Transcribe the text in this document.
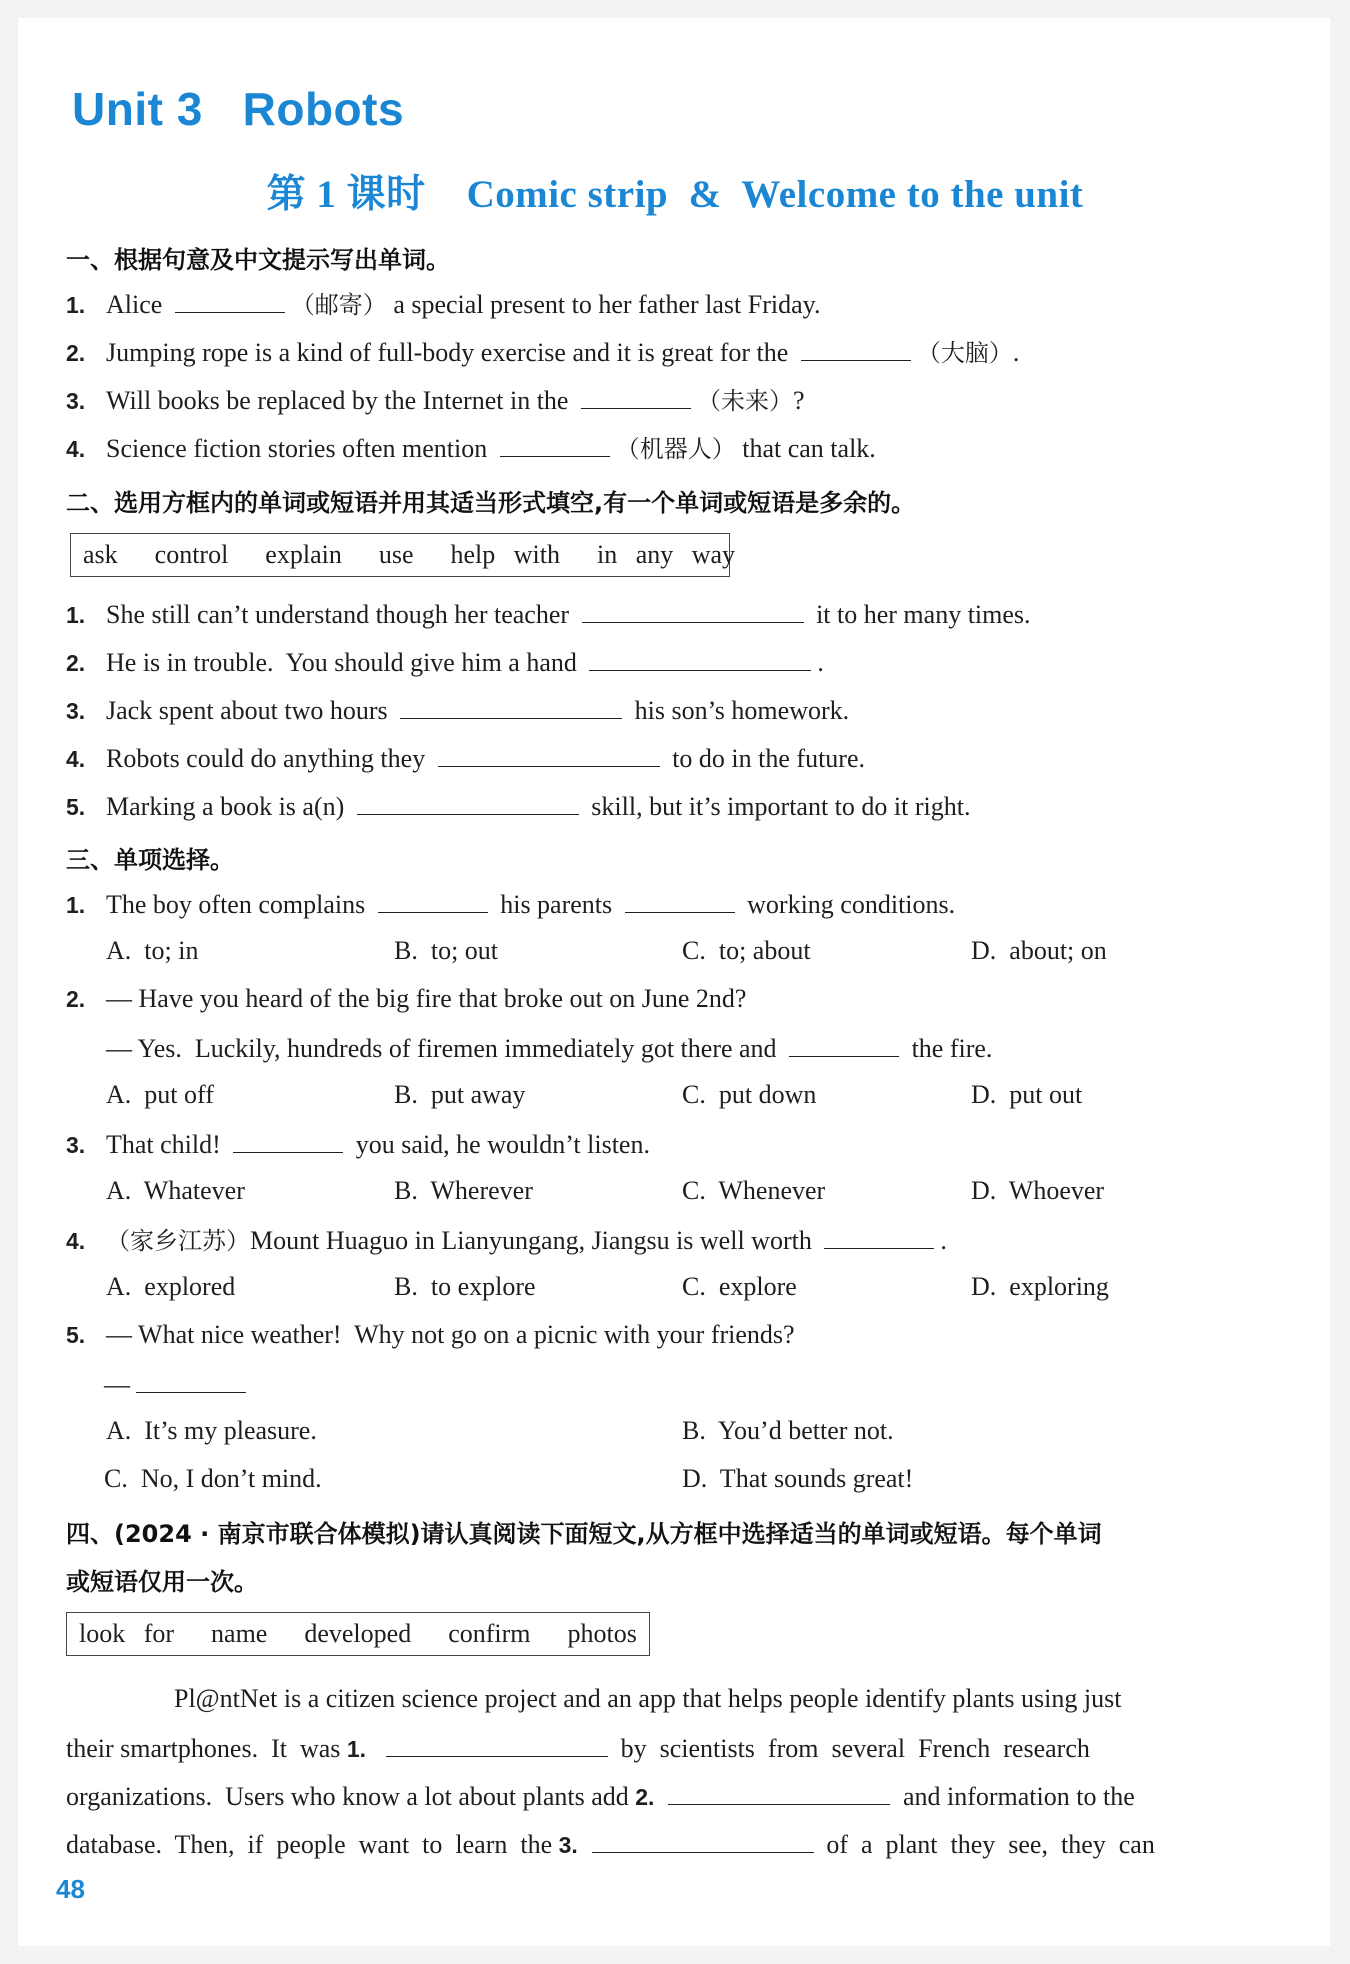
Unit 3   Robots
第 1 课时    Comic strip  &  Welcome to the unit
一、根据句意及中文提示写出单词。
1. Alice	（邮寄） a special present to her father last Friday.
2. Jumping rope is a kind of full-body exercise and it is great for the	（大脑）.
3. Will books be replaced by the Internet in the	（未来）?
4. Science fiction stories often mention	（机器人） that can talk.
二、选用方框内的单词或短语并用其适当形式填空,有一个单词或短语是多余的。
ask  control  explain  use  help with  in any way
1. She still can’t understand though her teacher	it to her many times.
2. He is in trouble.  You should give him a hand	.
3. Jack spent about two hours	his son’s homework.
4. Robots could do anything they	to do in the future.
5. Marking a book is a(n)	skill, but it’s important to do it right.
三、单项选择。
1. The boy often complains	his parents	working conditions.
A.  to; in	B.  to; out	C.  to; about	D.  about; on
2. — Have you heard of the big fire that broke out on June 2nd?
— Yes.  Luckily, hundreds of firemen immediately got there and	the fire.
A.  put off	B.  put away	C.  put down	D.  put out
3. That child!	you said, he wouldn’t listen.
A.  Whatever	B.  Wherever	C.  Whenever	D.  Whoever
4. （家乡江苏）Mount Huaguo in Lianyungang, Jiangsu is well worth	.
A.  explored	B.  to explore	C.  explore	D.  exploring
5. — What nice weather!  Why not go on a picnic with your friends?
—
A.  It’s my pleasure.	B.  You’d better not.
C.  No, I don’t mind.	D.  That sounds great!
四、(2024 · 南京市联合体模拟)请认真阅读下面短文,从方框中选择适当的单词或短语。每个单词
或短语仅用一次。
look for  name  developed  confirm  photos
Pl@ntNet is a citizen science project and an app that helps people identify plants using just
their smartphones.  It  was 1.	by  scientists  from  several  French  research
organizations.  Users who know a lot about plants add 2.	and information to the
database.  Then,  if  people  want  to  learn  the 3.	of  a  plant  they  see,  they  can
48
